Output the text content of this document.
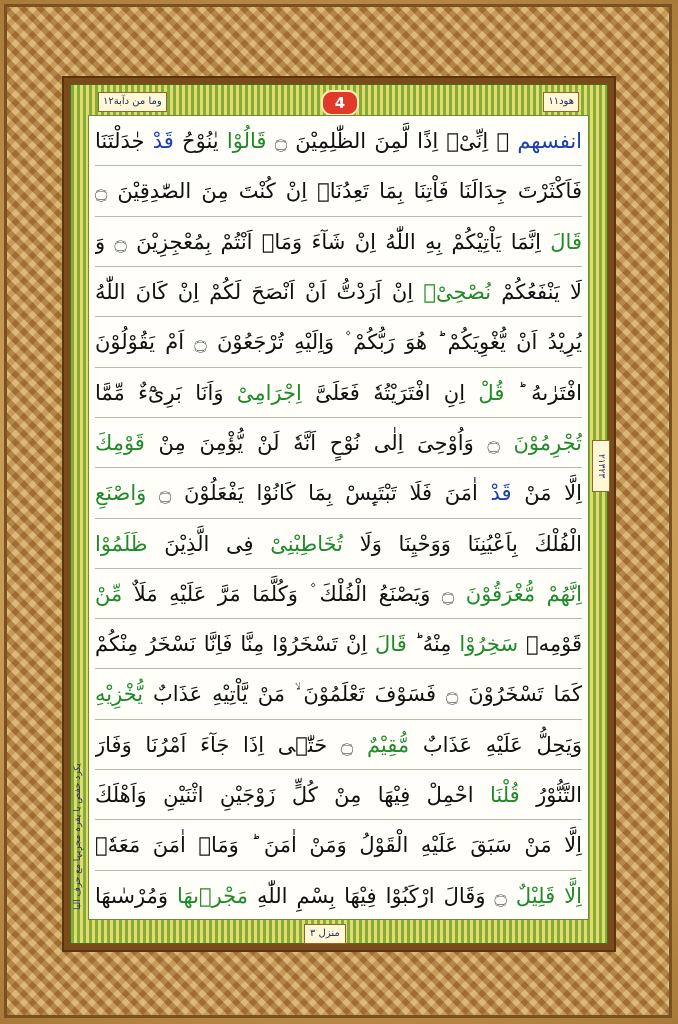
وما من دآبة١٢	4	ھود١١
انفسهم ۚ اِنِّیْۤ اِذًا لَّمِنَ الظّٰلِمِیْنَ ۝ قَالُوْا یٰنُوْحُ قَدْ جٰدَلْتَنَا
فَاَكْثَرْتَ جِدَالَنَا فَاْتِنَا بِمَا تَعِدُنَاۤ اِنْ كُنْتَ مِنَ الصّٰدِقِیْنَ ۝
قَالَ اِنَّمَا یَاْتِیْكُمْ بِهِ اللّٰهُ اِنْ شَآءَ وَمَاۤ اَنْتُمْ بِمُعْجِزِیْنَ ۝ وَ
لَا یَنْفَعُكُمْ نُصْحِیْۤ اِنْ اَرَدْتُّ اَنْ اَنْصَحَ لَكُمْ اِنْ كَانَ اللّٰهُ
یُرِیْدُ اَنْ یُّغْوِیَكُمْ ؕ هُوَ رَبُّكُمْ ۫ وَاِلَیْهِ تُرْجَعُوْنَ ۝ اَمْ یَقُوْلُوْنَ
افْتَرٰىهُ ؕ قُلْ اِنِ افْتَرَیْتُهٗ فَعَلَیَّ اِجْرَامِیْ وَاَنَا بَرِیْٓءٌ مِّمَّا
تُجْرِمُوْنَ ۝ وَاُوْحِیَ اِلٰی نُوْحٍ اَنَّهٗ لَنْ یُّؤْمِنَ مِنْ قَوْمِكَ
اِلَّا مَنْ قَدْ اٰمَنَ فَلَا تَبْتَىِٕسْ بِمَا كَانُوْا یَفْعَلُوْنَ ۝ وَاصْنَعِ
الْفُلْكَ بِاَعْیُنِنَا وَوَحْیِنَا وَلَا تُخَاطِبْنِیْ فِی الَّذِیْنَ ظَلَمُوْا
اِنَّهُمْ مُّغْرَقُوْنَ ۝ وَیَصْنَعُ الْفُلْكَ ۫ وَكُلَّمَا مَرَّ عَلَیْهِ مَلَاٌ مِّنْ
قَوْمِهٖ سَخِرُوْا مِنْهُ ؕ قَالَ اِنْ تَسْخَرُوْا مِنَّا فَاِنَّا نَسْخَرُ مِنْكُمْ
كَمَا تَسْخَرُوْنَ ۝ فَسَوْفَ تَعْلَمُوْنَ ۙ مَنْ یَّاْتِیْهِ عَذَابٌ یُّخْزِیْهِ
وَیَحِلُّ عَلَیْهِ عَذَابٌ مُّقِیْمٌ ۝ حَتّٰۤی اِذَا جَآءَ اَمْرُنَا وَفَارَ
التَّنُّوْرُ قُلْنَا احْمِلْ فِیْهَا مِنْ كُلٍّ زَوْجَیْنِ اثْنَیْنِ وَاَهْلَكَ
اِلَّا مَنْ سَبَقَ عَلَیْهِ الْقَوْلُ وَمَنْ اٰمَنَ ؕ وَمَاۤ اٰمَنَ مَعَهٗۤ
اِلَّا قَلِیْلٌ ۝ وَقَالَ ارْكَبُوْا فِیْهَا بِسْمِ اللّٰهِ مَجْرٖىهَا وَمُرْسٰىهَا
٢١٣٢٣
یکرد حفص یا یقرہ مجرٖیہا مع حرف البا
منزل ٣
